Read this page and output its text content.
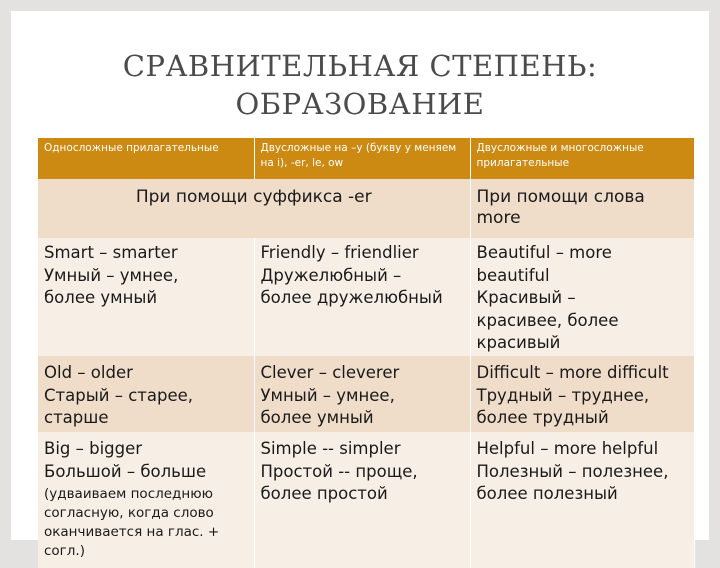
СРАВНИТЕЛЬНАЯ СТЕПЕНЬ:
ОБРАЗОВАНИЕ
Односложные прилагательные	Двусложные на –y (букву у меняем на i), -er, le, ow	Двусложные и многосложные прилагательные
При помощи суффикса -er		При помощи слова more

Smart – smarter
Умный – умнее,
более умный	Friendly – friendlier
Дружелюбный –
более дружелюбный	Beautiful – more
beautiful
Красивый –
красивее, более
красивый

Old – older
Старый – старее,
старше	Clever – cleverer
Умный – умнее,
более умный	Difficult – more difficult
Трудный – труднее,
более трудный

Big – bigger
Большой – больше
(удваиваем последнюю согласную, когда слово оканчивается на глас. + согл.)	Simple -- simpler
Простой -- проще,
более простой	Helpful – more helpful
Полезный – полезнее,
более полезный
